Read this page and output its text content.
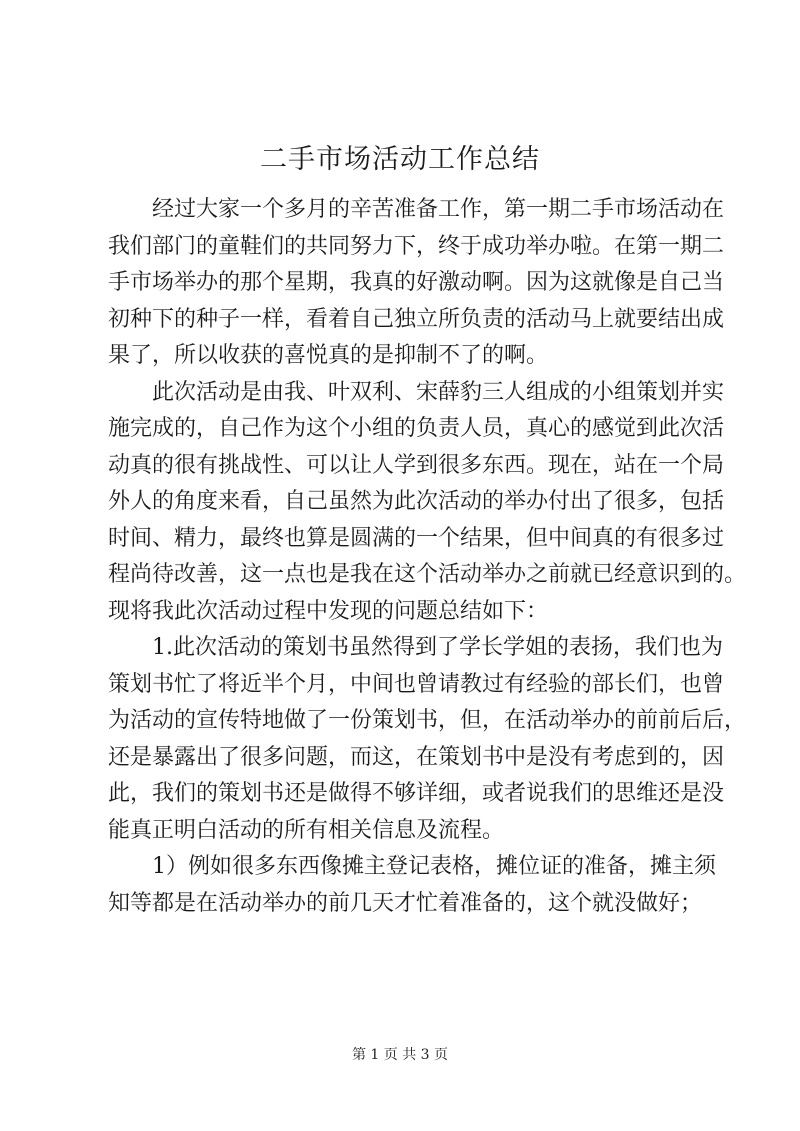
二手市场活动工作总结

经过大家一个多月的辛苦准备工作，第一期二手市场活动在
我们部门的童鞋们的共同努力下，终于成功举办啦。在第一期二
手市场举办的那个星期，我真的好激动啊。因为这就像是自己当
初种下的种子一样，看着自己独立所负责的活动马上就要结出成
果了，所以收获的喜悦真的是抑制不了的啊。

此次活动是由我、叶双利、宋薛豹三人组成的小组策划并实
施完成的，自己作为这个小组的负责人员，真心的感觉到此次活
动真的很有挑战性、可以让人学到很多东西。现在，站在一个局
外人的角度来看，自己虽然为此次活动的举办付出了很多，包括
时间、精力，最终也算是圆满的一个结果，但中间真的有很多过
程尚待改善，这一点也是我在这个活动举办之前就已经意识到的。
现将我此次活动过程中发现的问题总结如下：

1.此次活动的策划书虽然得到了学长学姐的表扬，我们也为
策划书忙了将近半个月，中间也曾请教过有经验的部长们，也曾
为活动的宣传特地做了一份策划书，但，在活动举办的前前后后，
还是暴露出了很多问题，而这，在策划书中是没有考虑到的，因
此，我们的策划书还是做得不够详细，或者说我们的思维还是没
能真正明白活动的所有相关信息及流程。

1）例如很多东西像摊主登记表格，摊位证的准备，摊主须
知等都是在活动举办的前几天才忙着准备的，这个就没做好；

第 1 页 共 3 页
